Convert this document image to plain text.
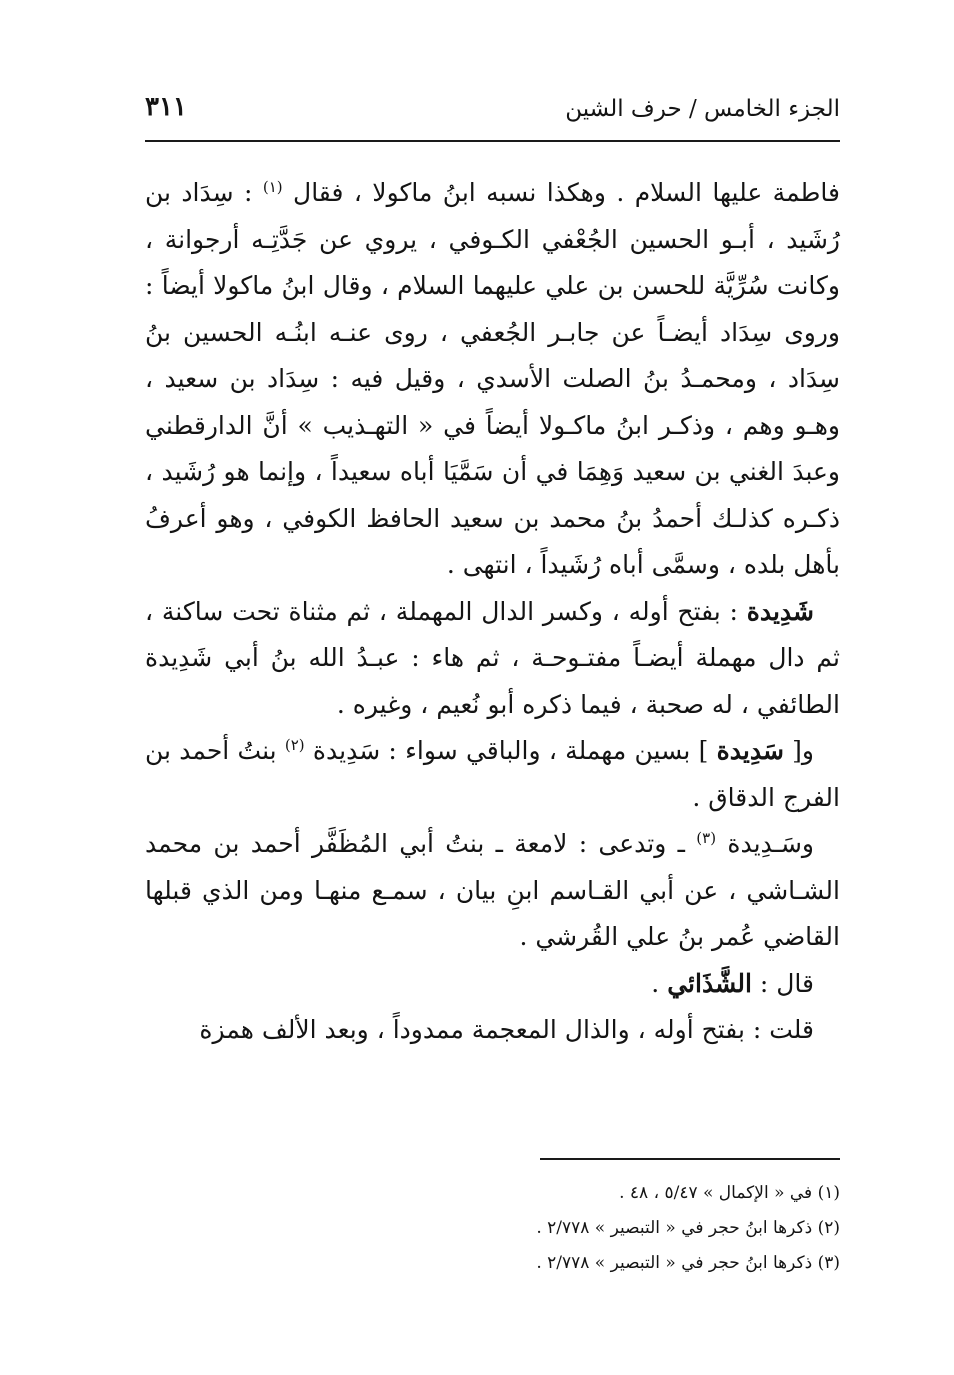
الجزء الخامس / حرف الشين
٣١١

فاطمة عليها السلام . وهكذا نسبه ابنُ ماكولا ، فقال $^{(١)}$ : سِدَاد بن رُشَيد ، أبـو الحسين الجُعْفي الكـوفي ، يروي عن جَدَّتِـه أرجوانة ، وكانت سُرِّيَّة للحسن بن علي عليهما السلام ، وقال ابنُ ماكولا أيضاً : وروى سِدَاد أيضـاً عن جابـر الجُعفي ، روى عنـه ابنُـه الحسين بنُ سِدَاد ، ومحمـدُ بنُ الصلت الأسدي ، وقيل فيه : سِدَاد بن سعيد ، وهـو وهم ، وذكـر ابنُ ماكـولا أيضاً في « التهـذيب » أنَّ الدارقطني وعبدَ الغني بن سعيد وَهِمَا في أن سَمَّيَا أباه سعيداً ، وإنما هو رُشَيد ، ذكـره كذلـك أحمدُ بنُ محمد بن سعيد الحافظ الكوفي ، وهو أعرفُ بأهل بلده ، وسمَّى أباه رُشَيداً ، انتهى .

شَدِيدة : بفتح أوله ، وكسر الدال المهملة ، ثم مثناة تحت ساكنة ، ثم دال مهملة أيضـاً مفتـوحـة ، ثم هاء : عبـدُ الله بنُ أبي شَدِيدة الطائفي ، له صحبة ، فيما ذكره أبو نُعيم ، وغيره .

و[ سَدِيدة ] بسين مهملة ، والباقي سواء : سَدِيدة $^{(٢)}$ بنتُ أحمد بن الفرج الدقاق .

وسَـدِيدة $^{(٣)}$ ـ وتدعى : لامعة ـ بنتُ أبي المُظَفَّر أحمد بن محمد الشـاشي ، عن أبي القـاسم ابنِ بيان ، سمـع منهـا ومن الذي قبلها القاضي عُمر بنُ علي القُرشي .

قال : الشَّذَائي .

قلت : بفتح أوله ، والذال المعجمة ممدوداً ، وبعد الألف همزة

(١) في « الإكمال » ٥/٤٧ ، ٤٨ .

(٢) ذكرها ابنُ حجر في « التبصير » ٢/٧٧٨ .

(٣) ذكرها ابنُ حجر في « التبصير » ٢/٧٧٨ .
